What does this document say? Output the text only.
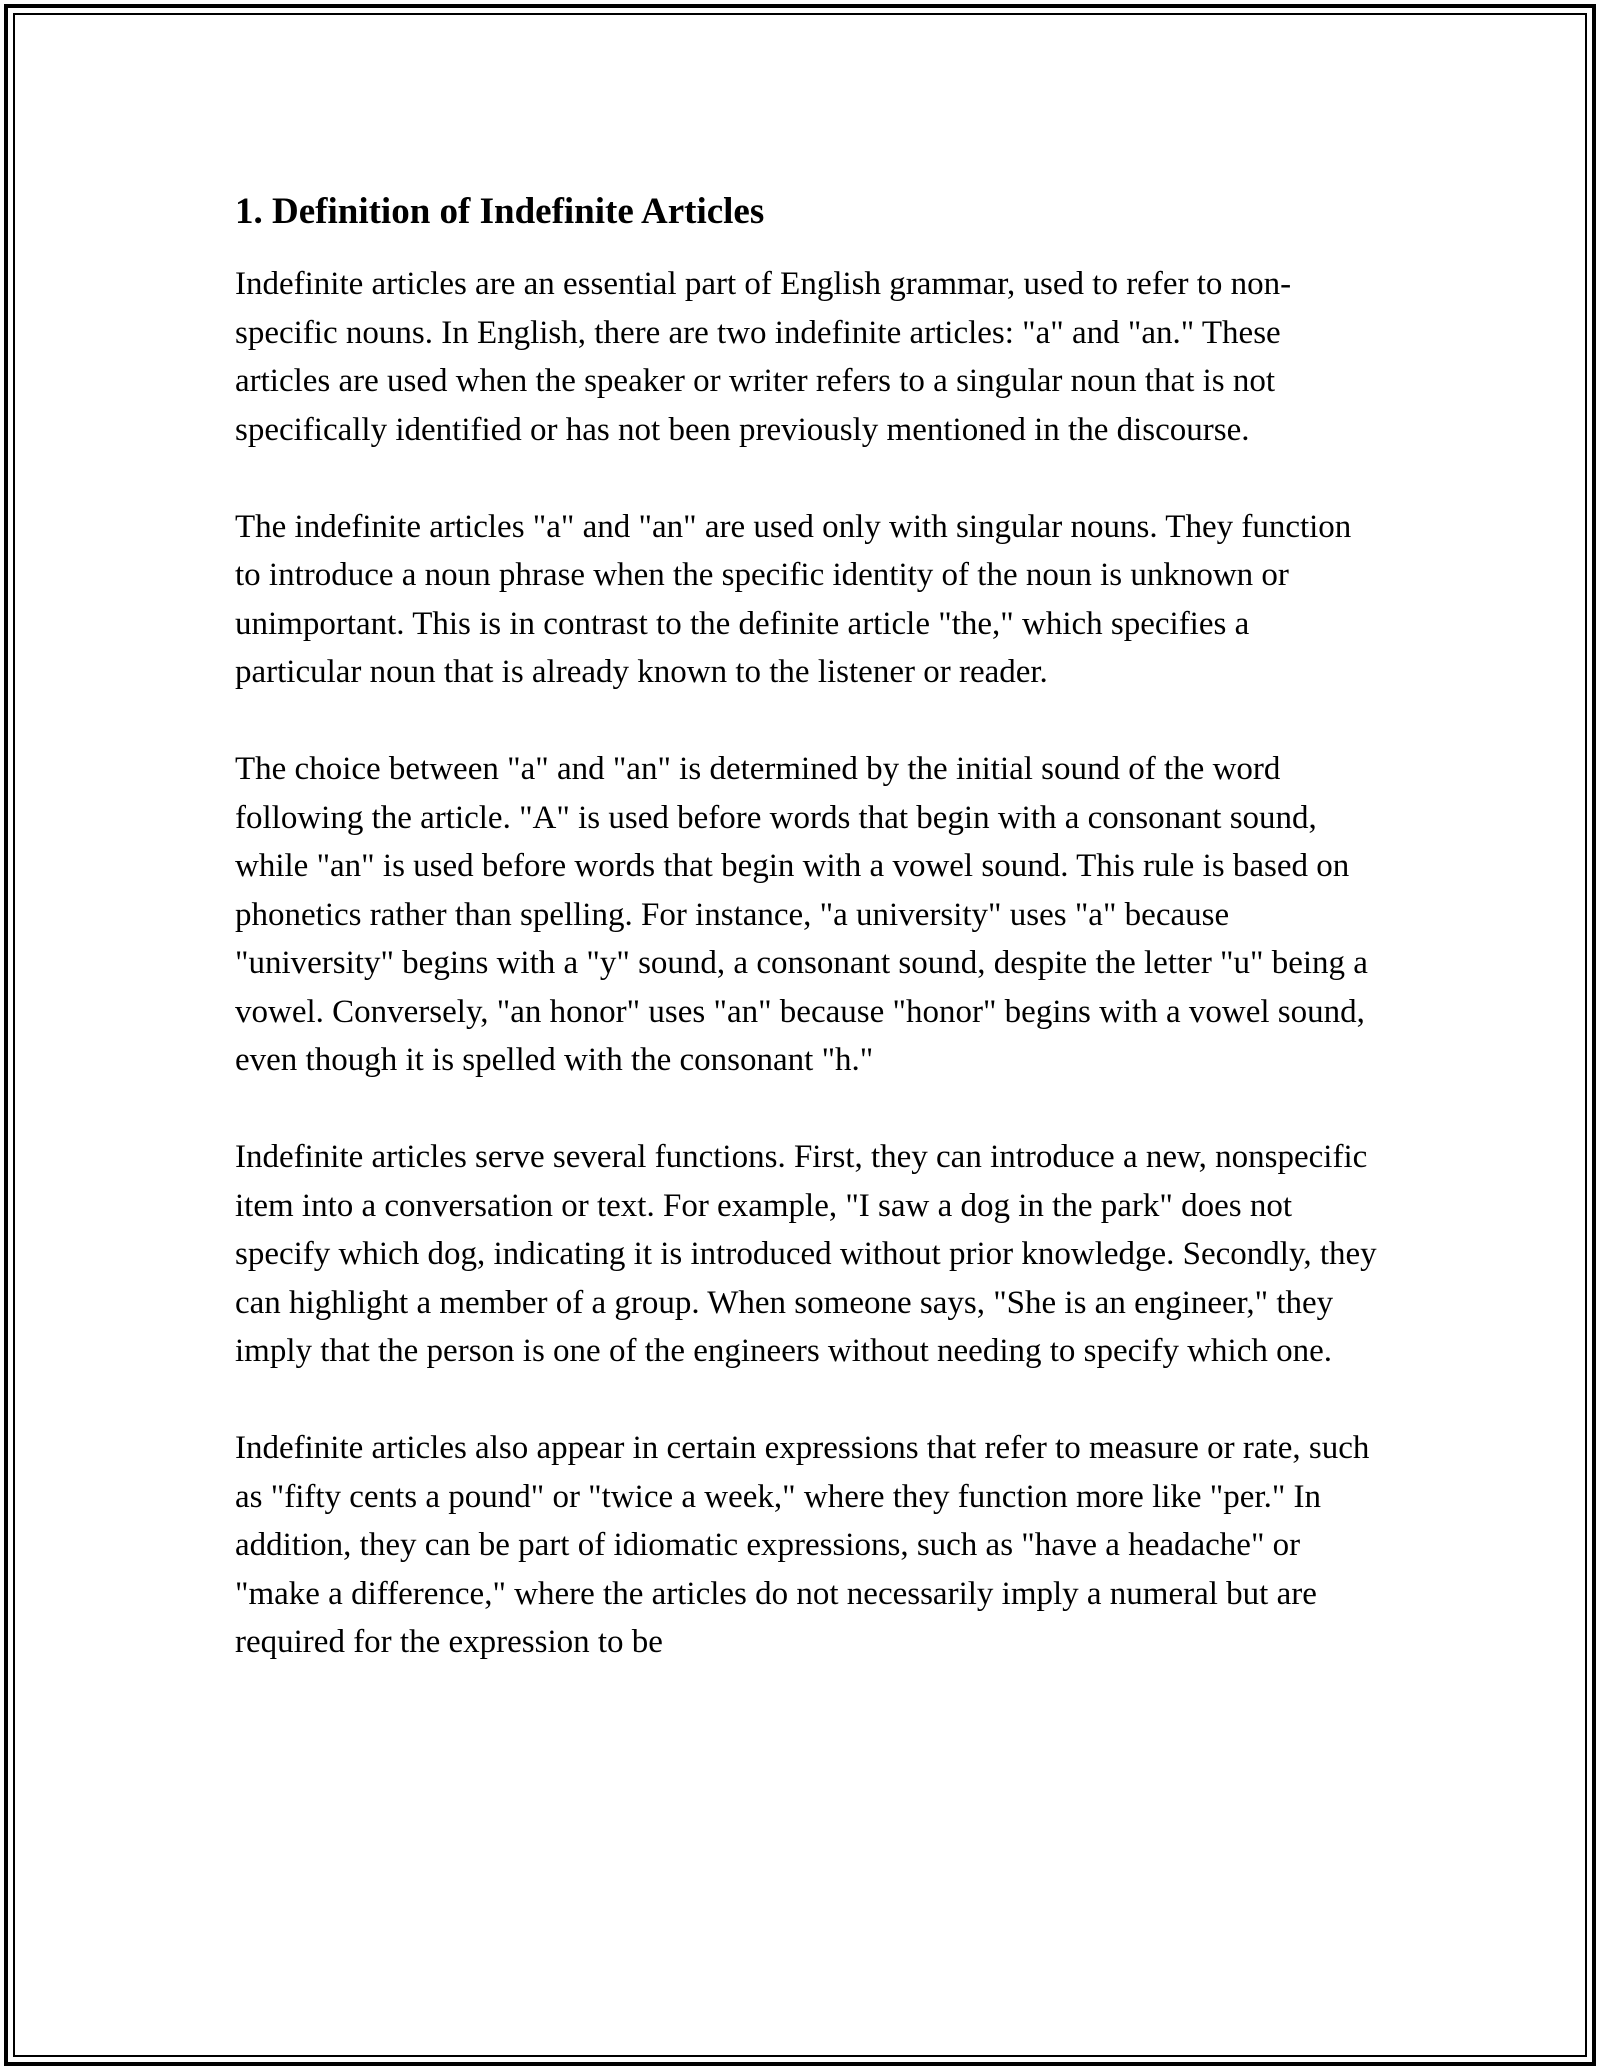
1. Definition of Indefinite Articles

Indefinite articles are an essential part of English grammar, used to refer to non-specific nouns. In English, there are two indefinite articles: "a" and "an." These articles are used when the speaker or writer refers to a singular noun that is not specifically identified or has not been previously mentioned in the discourse.

The indefinite articles "a" and "an" are used only with singular nouns. They function to introduce a noun phrase when the specific identity of the noun is unknown or unimportant. This is in contrast to the definite article "the," which specifies a particular noun that is already known to the listener or reader.

The choice between "a" and "an" is determined by the initial sound of the word following the article. "A" is used before words that begin with a consonant sound, while "an" is used before words that begin with a vowel sound. This rule is based on phonetics rather than spelling. For instance, "a university" uses "a" because "university" begins with a "y" sound, a consonant sound, despite the letter "u" being a vowel. Conversely, "an honor" uses "an" because "honor" begins with a vowel sound, even though it is spelled with the consonant "h."

Indefinite articles serve several functions. First, they can introduce a new, nonspecific item into a conversation or text. For example, "I saw a dog in the park" does not specify which dog, indicating it is introduced without prior knowledge. Secondly, they can highlight a member of a group. When someone says, "She is an engineer," they imply that the person is one of the engineers without needing to specify which one.

Indefinite articles also appear in certain expressions that refer to measure or rate, such as "fifty cents a pound" or "twice a week," where they function more like "per." In addition, they can be part of idiomatic expressions, such as "have a headache" or "make a difference," where the articles do not necessarily imply a numeral but are required for the expression to be
